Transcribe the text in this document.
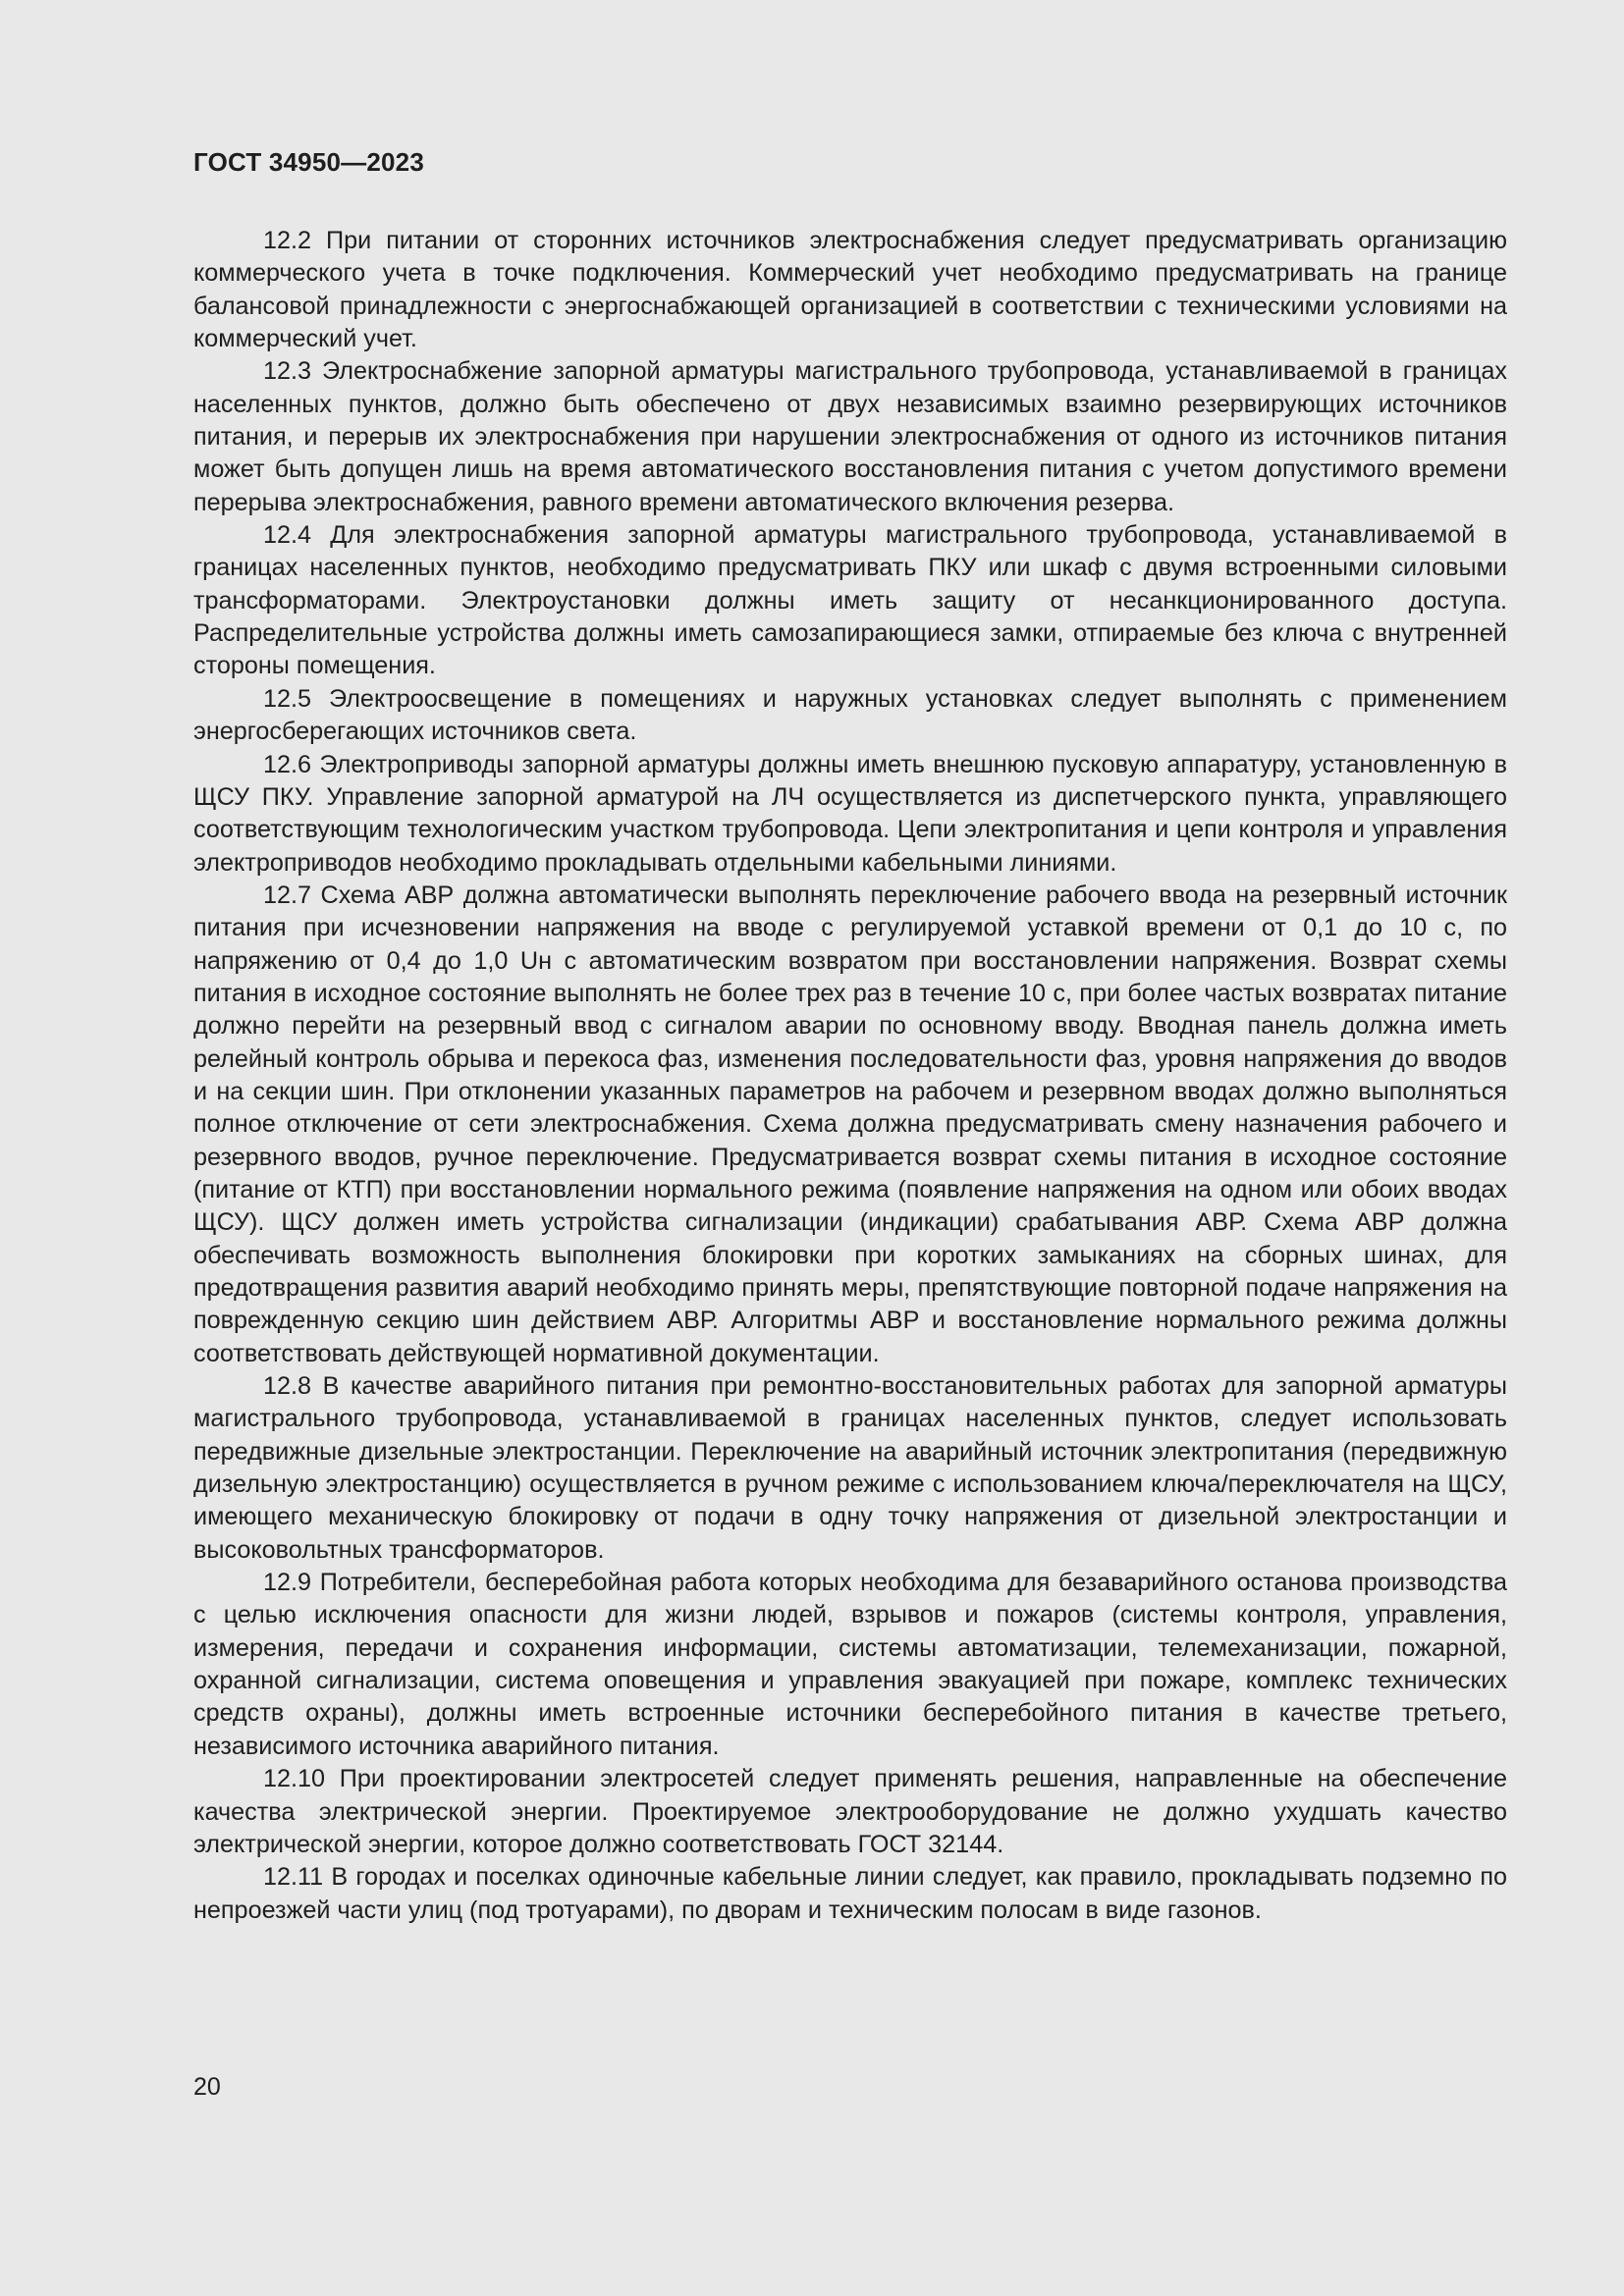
ГОСТ 34950—2023

12.2 При питании от сторонних источников электроснабжения следует предусматривать организацию коммерческого учета в точке подключения. Коммерческий учет необходимо предусматривать на границе балансовой принадлежности с энергоснабжающей организацией в соответствии с техническими условиями на коммерческий учет.

12.3 Электроснабжение запорной арматуры магистрального трубопровода, устанавливаемой в границах населенных пунктов, должно быть обеспечено от двух независимых взаимно резервирующих источников питания, и перерыв их электроснабжения при нарушении электроснабжения от одного из источников питания может быть допущен лишь на время автоматического восстановления питания с учетом допустимого времени перерыва электроснабжения, равного времени автоматического включения резерва.

12.4 Для электроснабжения запорной арматуры магистрального трубопровода, устанавливаемой в границах населенных пунктов, необходимо предусматривать ПКУ или шкаф с двумя встроенными силовыми трансформаторами. Электроустановки должны иметь защиту от несанкционированного доступа. Распределительные устройства должны иметь самозапирающиеся замки, отпираемые без ключа с внутренней стороны помещения.

12.5 Электроосвещение в помещениях и наружных установках следует выполнять с применением энергосберегающих источников света.

12.6 Электроприводы запорной арматуры должны иметь внешнюю пусковую аппаратуру, установленную в ЩСУ ПКУ. Управление запорной арматурой на ЛЧ осуществляется из диспетчерского пункта, управляющего соответствующим технологическим участком трубопровода. Цепи электропитания и цепи контроля и управления электроприводов необходимо прокладывать отдельными кабельными линиями.

12.7 Схема АВР должна автоматически выполнять переключение рабочего ввода на резервный источник питания при исчезновении напряжения на вводе с регулируемой уставкой времени от 0,1 до 10 с, по напряжению от 0,4 до 1,0 Uн с автоматическим возвратом при восстановлении напряжения. Возврат схемы питания в исходное состояние выполнять не более трех раз в течение 10 с, при более частых возвратах питание должно перейти на резервный ввод с сигналом аварии по основному вводу. Вводная панель должна иметь релейный контроль обрыва и перекоса фаз, изменения последовательности фаз, уровня напряжения до вводов и на секции шин. При отклонении указанных параметров на рабочем и резервном вводах должно выполняться полное отключение от сети электроснабжения. Схема должна предусматривать смену назначения рабочего и резервного вводов, ручное переключение. Предусматривается возврат схемы питания в исходное состояние (питание от КТП) при восстановлении нормального режима (появление напряжения на одном или обоих вводах ЩСУ). ЩСУ должен иметь устройства сигнализации (индикации) срабатывания АВР. Схема АВР должна обеспечивать возможность выполнения блокировки при коротких замыканиях на сборных шинах, для предотвращения развития аварий необходимо принять меры, препятствующие повторной подаче напряжения на поврежденную секцию шин действием АВР. Алгоритмы АВР и восстановление нормального режима должны соответствовать действующей нормативной документации.

12.8 В качестве аварийного питания при ремонтно-восстановительных работах для запорной арматуры магистрального трубопровода, устанавливаемой в границах населенных пунктов, следует использовать передвижные дизельные электростанции. Переключение на аварийный источник электропитания (передвижную дизельную электростанцию) осуществляется в ручном режиме с использованием ключа/переключателя на ЩСУ, имеющего механическую блокировку от подачи в одну точку напряжения от дизельной электростанции и высоковольтных трансформаторов.

12.9 Потребители, бесперебойная работа которых необходима для безаварийного останова производства с целью исключения опасности для жизни людей, взрывов и пожаров (системы контроля, управления, измерения, передачи и сохранения информации, системы автоматизации, телемеханизации, пожарной, охранной сигнализации, система оповещения и управления эвакуацией при пожаре, комплекс технических средств охраны), должны иметь встроенные источники бесперебойного питания в качестве третьего, независимого источника аварийного питания.

12.10 При проектировании электросетей следует применять решения, направленные на обеспечение качества электрической энергии. Проектируемое электрооборудование не должно ухудшать качество электрической энергии, которое должно соответствовать ГОСТ 32144.

12.11 В городах и поселках одиночные кабельные линии следует, как правило, прокладывать подземно по непроезжей части улиц (под тротуарами), по дворам и техническим полосам в виде газонов.

20
